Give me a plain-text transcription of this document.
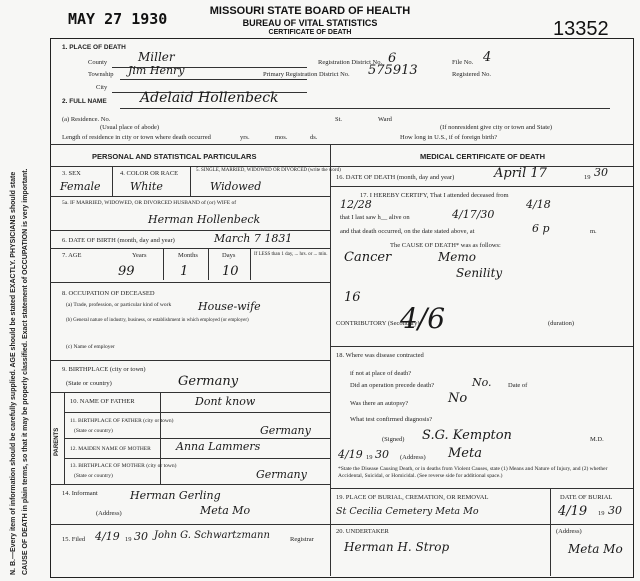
N. B.—Every item of information should be carefully supplied. AGE should be stated EXACTLY. PHYSICIANS should state CAUSE OF DEATH in plain terms, so that it may be properly classified. Exact statement of OCCUPATION is very important.
MAY 27 1930	13352
MISSOURI STATE BOARD OF HEALTH
BUREAU OF VITAL STATISTICS
CERTIFICATE OF DEATH
1. PLACE OF DEATH
County	Miller
Township Jim Henry
City
Registration District No. 6	File No. 4
Primary Registration District No. 575913	Registered No.
2. FULL NAME Adelaid Hollenbeck
(a) Residence. No.
(Usual place of abode)
St.	Ward
(If nonresident give city or town and State)
Length of residence in city or town where death occurred	yrs.	mos.	ds.	How long in U.S., if of foreign birth?
PERSONAL AND STATISTICAL PARTICULARS
3. SEX	4. COLOR OR RACE	5. SINGLE, MARRIED, WIDOWED OR DIVORCED (write the word)
Female	White	Widowed
5a. IF MARRIED, WIDOWED, OR DIVORCED HUSBAND of (or) WIFE of
Herman Hollenbeck
6. DATE OF BIRTH (month, day and year)	March 7 1831
7. AGE	Years	Months	Days	If LESS than 1 day, ... hrs. or ... min.
99	1	10
8. OCCUPATION OF DECEASED
(a) Trade, profession, or particular kind of work House-wife
(b) General nature of industry, business, or establishment in which employed (or employer)
(c) Name of employer
9. BIRTHPLACE (city or town)
(State or country)	Germany
PARENTS
10. NAME OF FATHER	Dont know
11. BIRTHPLACE OF FATHER (city or town)
(State or country)	Germany
12. MAIDEN NAME OF MOTHER Anna Lammers
13. BIRTHPLACE OF MOTHER (city or town)
(State or country)	Germany
14. Informant	Herman Gerling
(Address)	Meta Mo
15. Filed 4/19 19 30 John G. Schwartzmann	Registrar
MEDICAL CERTIFICATE OF DEATH
16. DATE OF DEATH (month, day and year)	April 17	19 30
17. I HEREBY CERTIFY, That I attended deceased from
12/28	4/18
that I last saw h__ alive on	4/17/30
and that death occurred, on the date stated above, at	6 p	m.
The CAUSE OF DEATH* was as follows:
Cancer	Memo
Senility
16
CONTRIBUTORY (Secondary)
4/6	(duration)
18. Where was disease contracted
if not at place of death?
Did an operation precede death?	No.	Date of
Was there an autopsy?	No
What test confirmed diagnosis?
(Signed) S.G. Kempton	M.D.
4/19 19 30 (Address) Meta
*State the Disease Causing Death, or in deaths from Violent Causes, state (1) Means and Nature of Injury, and (2) whether Accidental, Suicidal, or Homicidal. (See reverse side for additional space.)
19. PLACE OF BURIAL, CREMATION, OR REMOVAL	DATE OF BURIAL
St Cecilia Cemetery Meta Mo	4/19 19 30
20. UNDERTAKER	(Address)
Herman H. Strop	Meta Mo
